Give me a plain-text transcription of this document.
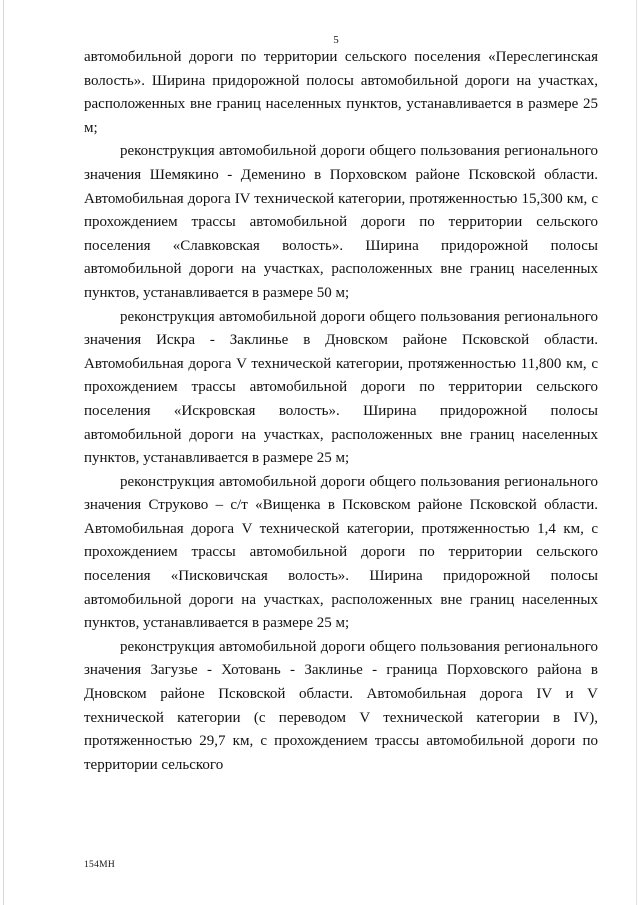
5

автомобильной дороги по территории сельского поселения «Переслегинская волость». Ширина придорожной полосы автомобильной дороги на участках, расположенных вне границ населенных пунктов, устанавливается в размере 25 м;

реконструкция автомобильной дороги общего пользования регионального значения Шемякино - Деменино в Порховском районе Псковской области. Автомобильная дорога IV технической категории, протяженностью 15,300 км, с прохождением трассы автомобильной дороги по территории сельского поселения «Славковская волость». Ширина придорожной полосы автомобильной дороги на участках, расположенных вне границ населенных пунктов, устанавливается в размере 50 м;

реконструкция автомобильной дороги общего пользования регионального значения Искра - Заклинье в Дновском районе Псковской области. Автомобильная дорога V технической категории, протяженностью 11,800 км, с прохождением трассы автомобильной дороги по территории сельского поселения «Искровская волость». Ширина придорожной полосы автомобильной дороги на участках, расположенных вне границ населенных пунктов, устанавливается в размере 25 м;

реконструкция автомобильной дороги общего пользования регионального значения Струково – с/т «Вищенка в Псковском районе Псковской области. Автомобильная дорога V технической категории, протяженностью 1,4 км, с прохождением трассы автомобильной дороги по территории сельского поселения «Писковичская волость». Ширина придорожной полосы автомобильной дороги на участках, расположенных вне границ населенных пунктов, устанавливается в размере 25 м;

реконструкция автомобильной дороги общего пользования регионального значения Загузье - Хотовань - Заклинье - граница Порховского района в Дновском районе Псковской области. Автомобильная дорога IV и V технической категории (с переводом V технической категории в IV), протяженностью 29,7 км, с прохождением трассы автомобильной дороги по территории сельского

154МН
